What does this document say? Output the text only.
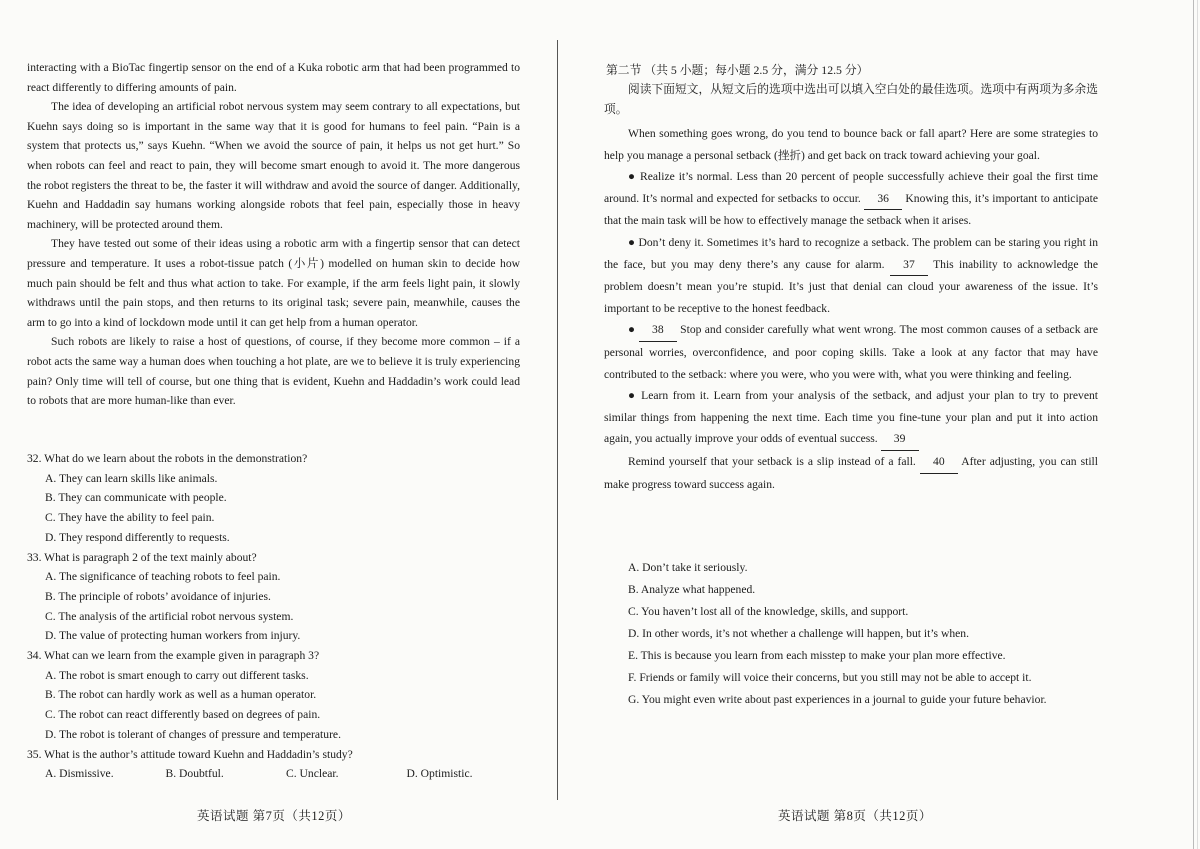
interacting with a BioTac fingertip sensor on the end of a Kuka robotic arm that had been programmed to react differently to differing amounts of pain.

The idea of developing an artificial robot nervous system may seem contrary to all expectations, but Kuehn says doing so is important in the same way that it is good for humans to feel pain. “Pain is a system that protects us,” says Kuehn. “When we avoid the source of pain, it helps us not get hurt.” So when robots can feel and react to pain, they will become smart enough to avoid it. The more dangerous the robot registers the threat to be, the faster it will withdraw and avoid the source of danger. Additionally, Kuehn and Haddadin say humans working alongside robots that feel pain, especially those in heavy machinery, will be protected around them.

They have tested out some of their ideas using a robotic arm with a fingertip sensor that can detect pressure and temperature. It uses a robot-tissue patch (小片) modelled on human skin to decide how much pain should be felt and thus what action to take. For example, if the arm feels light pain, it slowly withdraws until the pain stops, and then returns to its original task; severe pain, meanwhile, causes the arm to go into a kind of lockdown mode until it can get help from a human operator.

Such robots are likely to raise a host of questions, of course, if they become more common – if a robot acts the same way a human does when touching a hot plate, are we to believe it is truly experiencing pain? Only time will tell of course, but one thing that is evident, Kuehn and Haddadin’s work could lead to robots that are more human-like than ever.

32. What do we learn about the robots in the demonstration?
A. They can learn skills like animals.
B. They can communicate with people.
C. They have the ability to feel pain.
D. They respond differently to requests.
33. What is paragraph 2 of the text mainly about?
A. The significance of teaching robots to feel pain.
B. The principle of robots’ avoidance of injuries.
C. The analysis of the artificial robot nervous system.
D. The value of protecting human workers from injury.
34. What can we learn from the example given in paragraph 3?
A. The robot is smart enough to carry out different tasks.
B. The robot can hardly work as well as a human operator.
C. The robot can react differently based on degrees of pain.
D. The robot is tolerant of changes of pressure and temperature.
35. What is the author’s attitude toward Kuehn and Haddadin’s study?
A. Dismissive.	B. Doubtful.	C. Unclear.	D. Optimistic.
英语试题 第7页（共12页）
第二节 （共 5 小题；每小题 2.5 分，满分 12.5 分）

阅读下面短文，从短文后的选项中选出可以填入空白处的最佳选项。选项中有两项为多余选项。

When something goes wrong, do you tend to bounce back or fall apart? Here are some strategies to help you manage a personal setback (挫折) and get back on track toward achieving your goal.

● Realize it’s normal. Less than 20 percent of people successfully achieve their goal the first time around. It’s normal and expected for setbacks to occur. 36 Knowing this, it’s important to anticipate that the main task will be how to effectively manage the setback when it arises.

● Don’t deny it. Sometimes it’s hard to recognize a setback. The problem can be staring you right in the face, but you may deny there’s any cause for alarm. 37 This inability to acknowledge the problem doesn’t mean you’re stupid. It’s just that denial can cloud your awareness of the issue. It’s important to be receptive to the honest feedback.

● 38 Stop and consider carefully what went wrong. The most common causes of a setback are personal worries, overconfidence, and poor coping skills. Take a look at any factor that may have contributed to the setback: where you were, who you were with, what you were thinking and feeling.

● Learn from it. Learn from your analysis of the setback, and adjust your plan to try to prevent similar things from happening the next time. Each time you fine-tune your plan and put it into action again, you actually improve your odds of eventual success. 39

Remind yourself that your setback is a slip instead of a fall. 40 After adjusting, you can still make progress toward success again.

A. Don’t take it seriously.
B. Analyze what happened.
C. You haven’t lost all of the knowledge, skills, and support.
D. In other words, it’s not whether a challenge will happen, but it’s when.
E. This is because you learn from each misstep to make your plan more effective.
F. Friends or family will voice their concerns, but you still may not be able to accept it.
G. You might even write about past experiences in a journal to guide your future behavior.
英语试题 第8页（共12页）
